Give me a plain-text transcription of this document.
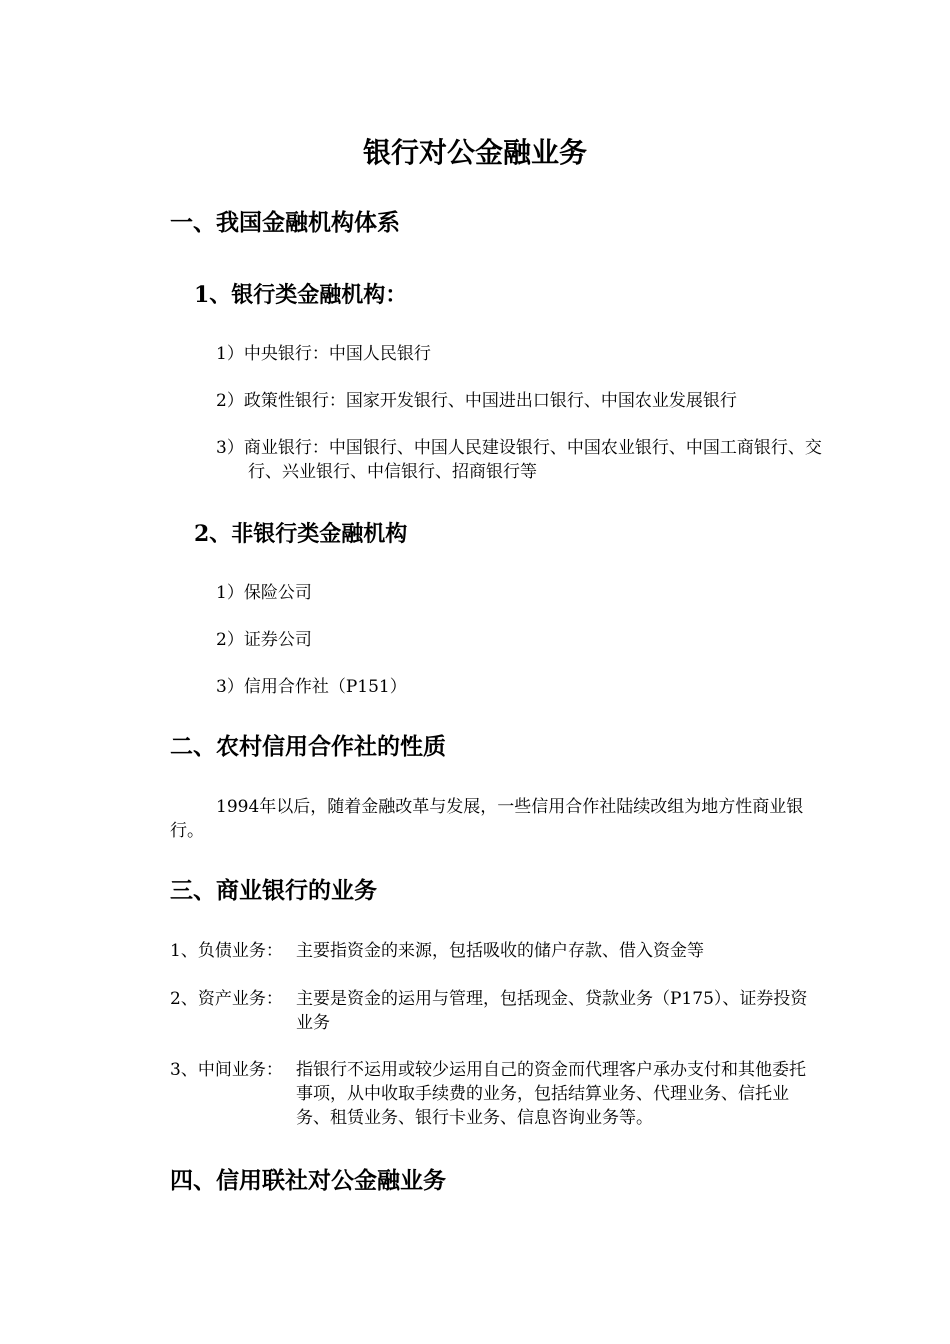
银行对公金融业务
一、我国金融机构体系
1、银行类金融机构：

1）中央银行：中国人民银行

2）政策性银行：国家开发银行、中国进出口银行、中国农业发展银行

3）商业银行：中国银行、中国人民建设银行、中国农业银行、中国工商银行、交行、兴业银行、中信银行、招商银行等

2、非银行类金融机构

1）保险公司

2）证券公司

3）信用合作社（P151）

二、农村信用合作社的性质

1994年以后，随着金融改革与发展，一些信用合作社陆续改组为地方性商业银行。

三、商业银行的业务
1、负债业务： 主要指资金的来源，包括吸收的储户存款、借入资金等
2、资产业务： 主要是资金的运用与管理，包括现金、贷款业务（P175）、证券投资业务
3、中间业务： 指银行不运用或较少运用自己的资金而代理客户承办支付和其他委托事项，从中收取手续费的业务，包括结算业务、代理业务、信托业务、租赁业务、银行卡业务、信息咨询业务等。
四、信用联社对公金融业务
